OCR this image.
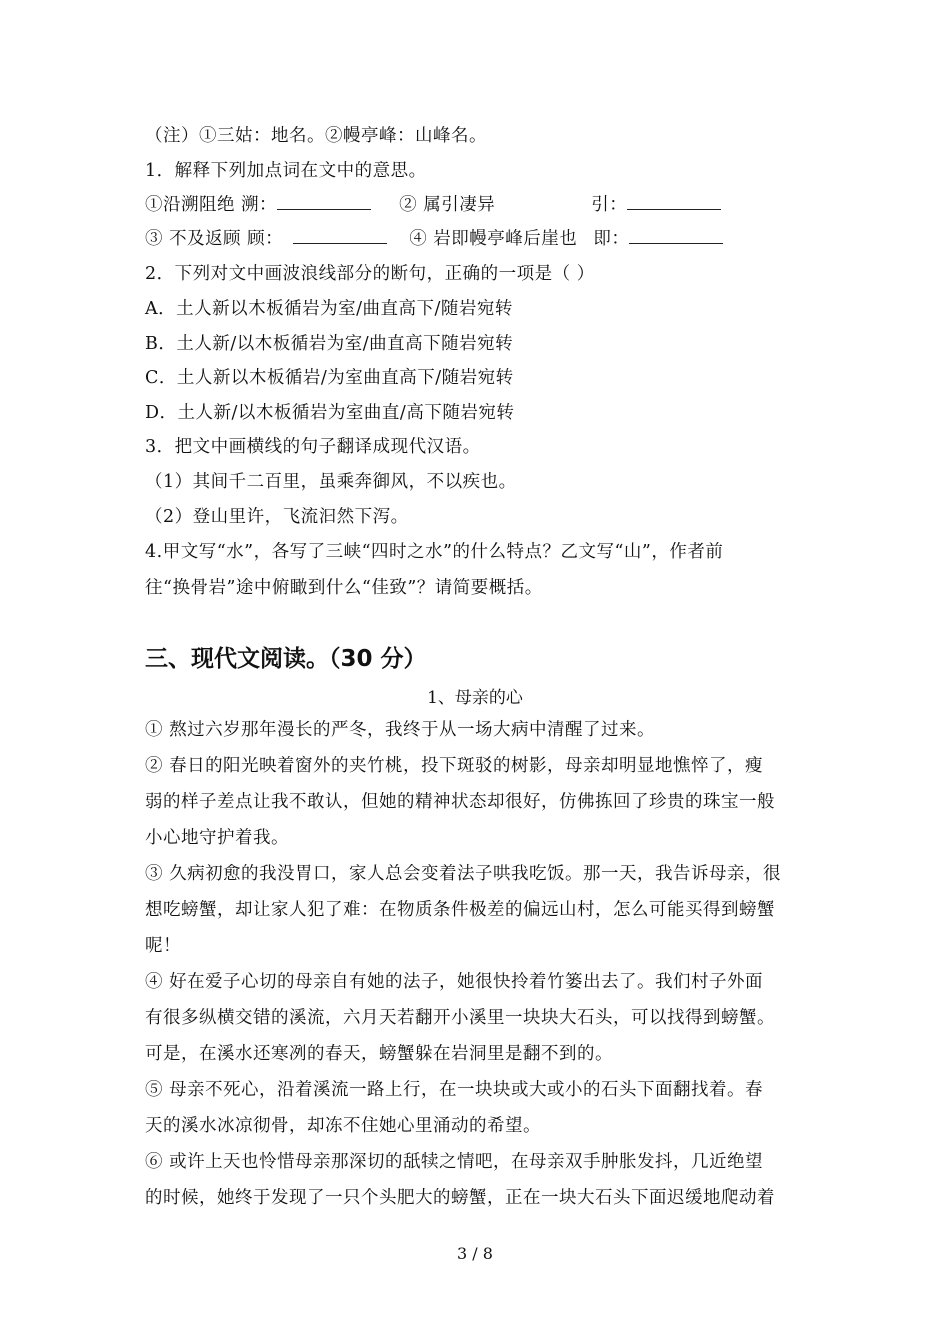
（注）①三姑：地名。②幔亭峰：山峰名。
1．解释下列加点词在文中的意思。
①沿溯阻绝 溯：	② 属引凄异	引：
③ 不及返顾 顾：	④ 岩即幔亭峰后崖也 即：
2．下列对文中画波浪线部分的断句，正确的一项是（ ）
A．土人新以木板循岩为室/曲直高下/随岩宛转
B．土人新/以木板循岩为室/曲直高下随岩宛转
C．土人新以木板循岩/为室曲直高下/随岩宛转
D．土人新/以木板循岩为室曲直/高下随岩宛转
3．把文中画横线的句子翻译成现代汉语。
（1）其间千二百里，虽乘奔御风，不以疾也。
（2）登山里许，飞流汩然下泻。
4.甲文写“水”，各写了三峡“四时之水”的什么特点？乙文写“山”，作者前
往“换骨岩”途中俯瞰到什么“佳致”？请简要概括。
三、现代文阅读。（30 分）
1、母亲的心
① 熬过六岁那年漫长的严冬，我终于从一场大病中清醒了过来。
② 春日的阳光映着窗外的夹竹桃，投下斑驳的树影，母亲却明显地憔悴了，瘦
弱的样子差点让我不敢认，但她的精神状态却很好，仿佛拣回了珍贵的珠宝一般
小心地守护着我。
③ 久病初愈的我没胃口，家人总会变着法子哄我吃饭。那一天，我告诉母亲，很
想吃螃蟹，却让家人犯了难：在物质条件极差的偏远山村，怎么可能买得到螃蟹
呢！
④ 好在爱子心切的母亲自有她的法子，她很快拎着竹篓出去了。我们村子外面
有很多纵横交错的溪流，六月天若翻开小溪里一块块大石头，可以找得到螃蟹。
可是，在溪水还寒冽的春天，螃蟹躲在岩洞里是翻不到的。
⑤ 母亲不死心，沿着溪流一路上行，在一块块或大或小的石头下面翻找着。春
天的溪水冰凉彻骨，却冻不住她心里涌动的希望。
⑥ 或许上天也怜惜母亲那深切的舐犊之情吧，在母亲双手肿胀发抖，几近绝望
的时候，她终于发现了一只个头肥大的螃蟹，正在一块大石头下面迟缓地爬动着
3 / 8
